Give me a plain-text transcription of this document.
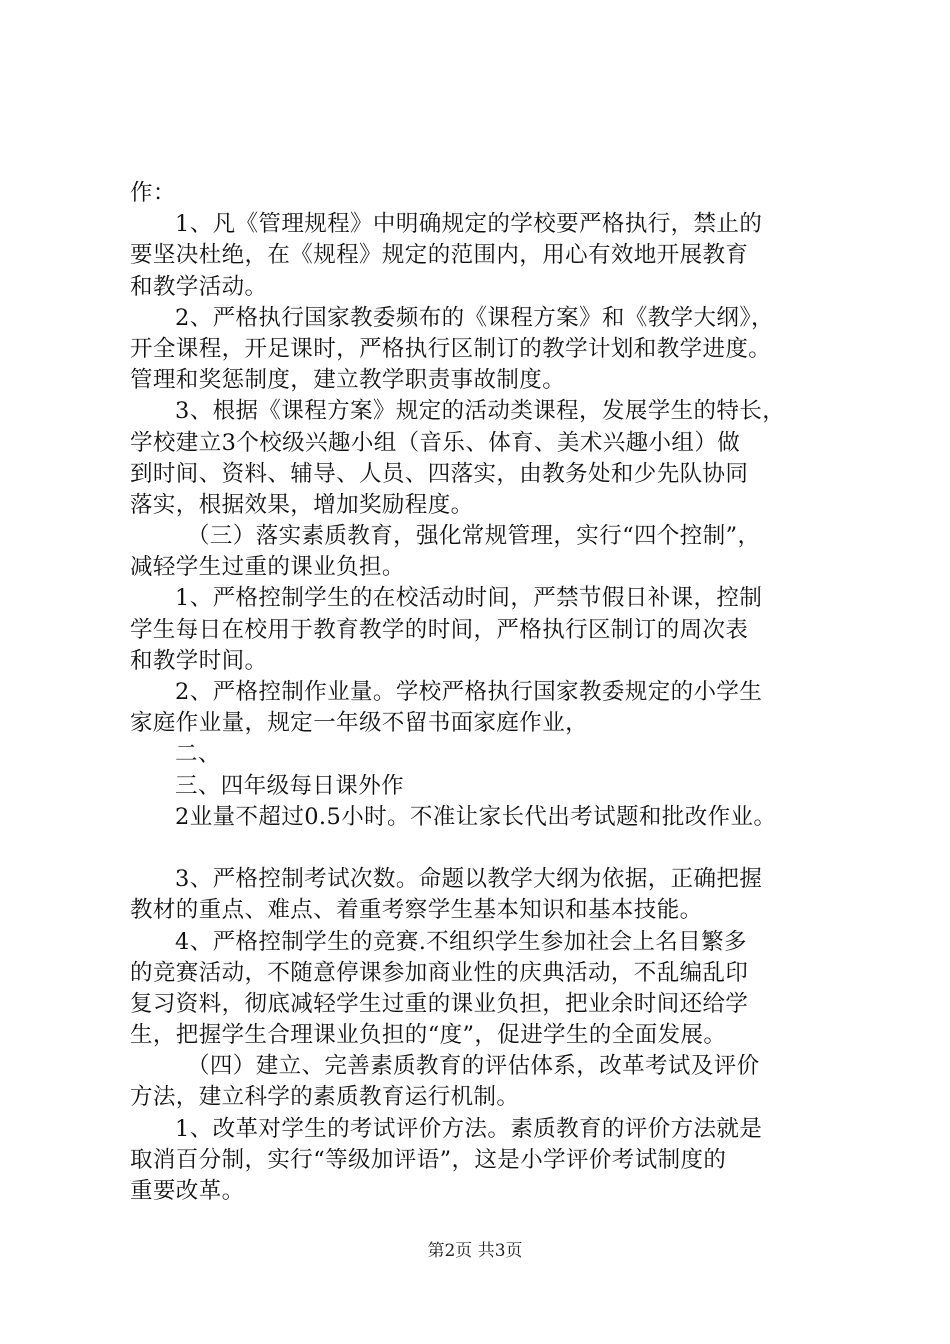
作：
1、凡《管理规程》中明确规定的学校要严格执行，禁止的
要坚决杜绝，在《规程》规定的范围内，用心有效地开展教育
和教学活动。
2、严格执行国家教委频布的《课程方案》和《教学大纲》，
开全课程，开足课时，严格执行区制订的教学计划和教学进度。
管理和奖惩制度，建立教学职责事故制度。
3、根据《课程方案》规定的活动类课程，发展学生的特长，
学校建立3个校级兴趣小组（音乐、体育、美术兴趣小组）做
到时间、资料、辅导、人员、四落实，由教务处和少先队协同
落实，根据效果，增加奖励程度。
（三）落实素质教育，强化常规管理，实行“四个控制”，
减轻学生过重的课业负担。
1、严格控制学生的在校活动时间，严禁节假日补课，控制
学生每日在校用于教育教学的时间，严格执行区制订的周次表
和教学时间。
2、严格控制作业量。学校严格执行国家教委规定的小学生
家庭作业量，规定一年级不留书面家庭作业，
二、
三、四年级每日课外作
2业量不超过0.5小时。不准让家长代出考试题和批改作业。
3、严格控制考试次数。命题以教学大纲为依据，正确把握
教材的重点、难点、着重考察学生基本知识和基本技能。
4、严格控制学生的竞赛.不组织学生参加社会上名目繁多
的竞赛活动，不随意停课参加商业性的庆典活动，不乱编乱印
复习资料，彻底减轻学生过重的课业负担，把业余时间还给学
生，把握学生合理课业负担的“度”，促进学生的全面发展。
（四）建立、完善素质教育的评估体系，改革考试及评价
方法，建立科学的素质教育运行机制。
1、改革对学生的考试评价方法。素质教育的评价方法就是
取消百分制，实行“等级加评语”，这是小学评价考试制度的
重要改革。
第2页 共3页
